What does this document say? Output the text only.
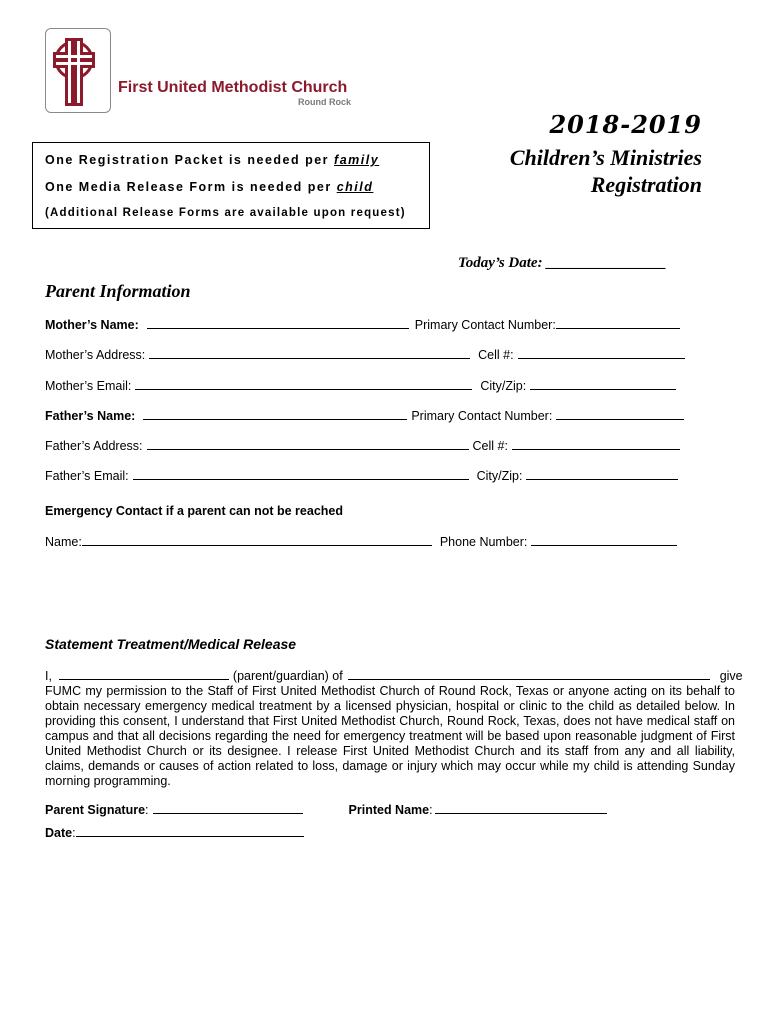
First United Methodist Church
Round Rock
One Registration Packet is needed per family
One Media Release Form is needed per child
(Additional Release Forms are available upon request)
2018-2019
Children’s Ministries
Registration
Today’s Date: ________________
Parent Information
Mother’s Name:	Primary Contact Number:
Mother’s Address:	Cell #:
Mother’s Email:	City/Zip:
Father’s Name:	Primary Contact Number:
Father’s Address:	Cell #:
Father’s Email:	City/Zip:
Emergency Contact if a parent can not be reached
Name:	Phone Number:
Statement Treatment/Medical Release
I,	(parent/guardian) of	give
FUMC my permission to the Staff of First United Methodist Church of Round Rock, Texas or anyone acting on its behalf to
obtain necessary emergency medical treatment by a licensed physician, hospital or clinic to the child as detailed below. In
providing this consent, I understand that First United Methodist Church, Round Rock, Texas, does not have medical staff on
campus and that all decisions regarding the need for emergency treatment will be based upon reasonable judgment of First
United Methodist Church or its designee. I release First United Methodist Church and its staff from any and all liability,
claims, demands or causes of action related to loss, damage or injury which may occur while my child is attending Sunday
morning programming.
Parent Signature :	Printed Name :
Date :
